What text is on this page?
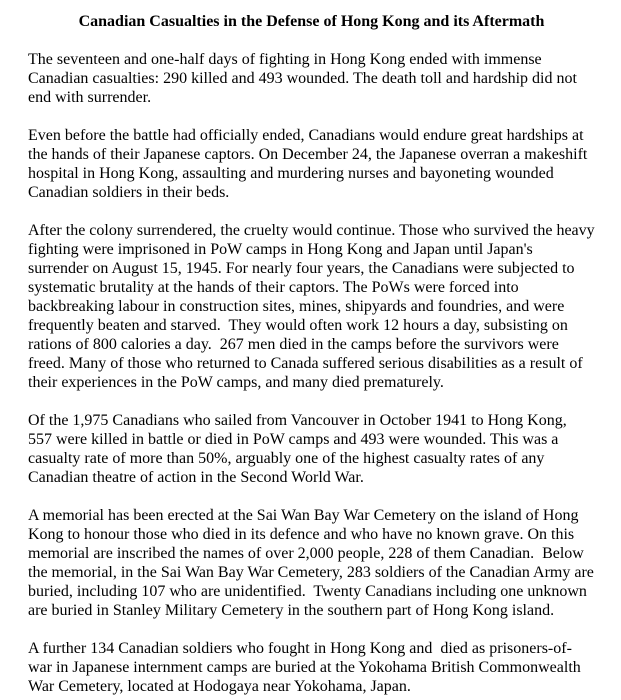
Canadian Casualties in the Defense of Hong Kong and its Aftermath

The seventeen and one-half days of fighting in Hong Kong ended with immense Canadian casualties: 290 killed and 493 wounded. The death toll and hardship did not end with surrender.

Even before the battle had officially ended, Canadians would endure great hardships at the hands of their Japanese captors. On December 24, the Japanese overran a makeshift hospital in Hong Kong, assaulting and murdering nurses and bayoneting wounded Canadian soldiers in their beds.

After the colony surrendered, the cruelty would continue. Those who survived the heavy fighting were imprisoned in PoW camps in Hong Kong and Japan until Japan's surrender on August 15, 1945. For nearly four years, the Canadians were subjected to systematic brutality at the hands of their captors. The PoWs were forced into backbreaking labour in construction sites, mines, shipyards and foundries, and were frequently beaten and starved.  They would often work 12 hours a day, subsisting on rations of 800 calories a day.  267 men died in the camps before the survivors were freed. Many of those who returned to Canada suffered serious disabilities as a result of their experiences in the PoW camps, and many died prematurely.

Of the 1,975 Canadians who sailed from Vancouver in October 1941 to Hong Kong,  557 were killed in battle or died in PoW camps and 493 were wounded. This was a casualty rate of more than 50%, arguably one of the highest casualty rates of any Canadian theatre of action in the Second World War.

A memorial has been erected at the Sai Wan Bay War Cemetery on the island of Hong Kong to honour those who died in its defence and who have no known grave. On this memorial are inscribed the names of over 2,000 people, 228 of them Canadian.  Below the memorial, in the Sai Wan Bay War Cemetery, 283 soldiers of the Canadian Army are buried, including 107 who are unidentified.  Twenty Canadians including one unknown are buried in Stanley Military Cemetery in the southern part of Hong Kong island.

A further 134 Canadian soldiers who fought in Hong Kong and  died as prisoners-of-war in Japanese internment camps are buried at the Yokohama British Commonwealth War Cemetery, located at Hodogaya near Yokohama, Japan.
